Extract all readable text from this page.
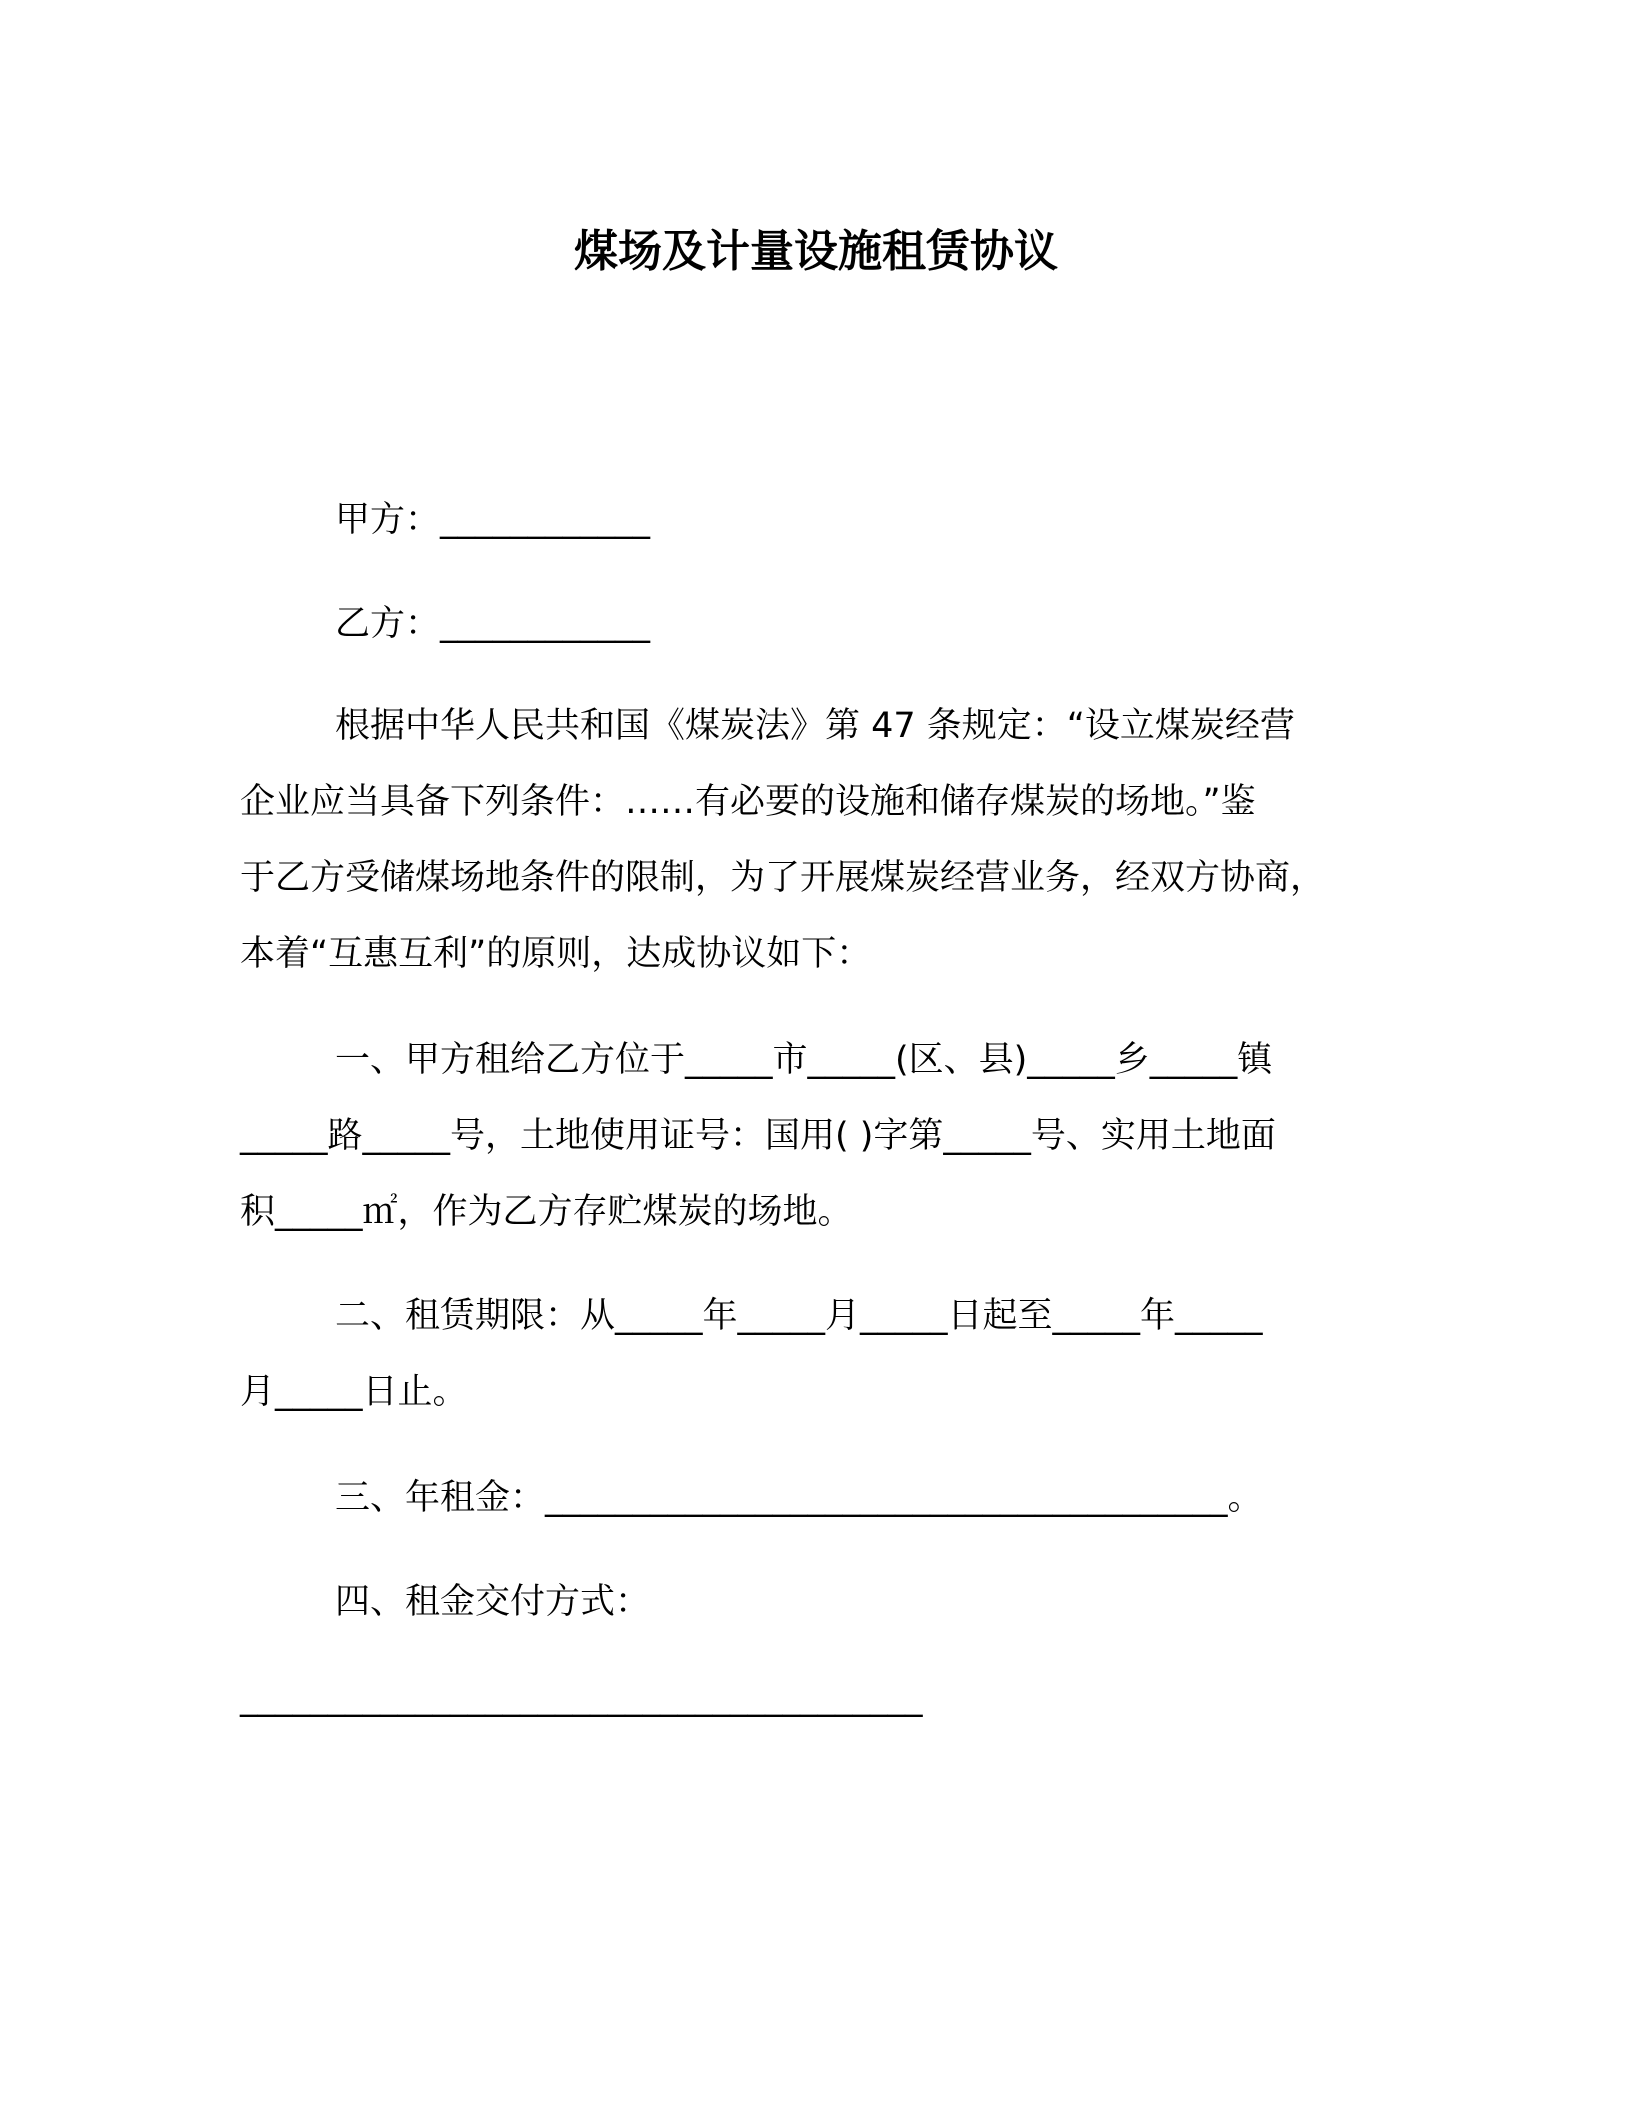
煤场及计量设施租赁协议
甲方：____________
乙方：____________
根据中华人民共和国《煤炭法》第 47 条规定：“设立煤炭经营
企业应当具备下列条件：……有必要的设施和储存煤炭的场地。”鉴
于乙方受储煤场地条件的限制，为了开展煤炭经营业务，经双方协商，
本着“互惠互利”的原则，达成协议如下：
一、甲方租给乙方位于_____市_____(区、县)_____乡_____镇
_____路_____号，土地使用证号：国用( )字第_____号、实用土地面
积_____㎡，作为乙方存贮煤炭的场地。
二、租赁期限：从_____年_____月_____日起至_____年_____
月_____日止。
三、年租金：_______________________________________。
四、租金交付方式：
_______________________________________
